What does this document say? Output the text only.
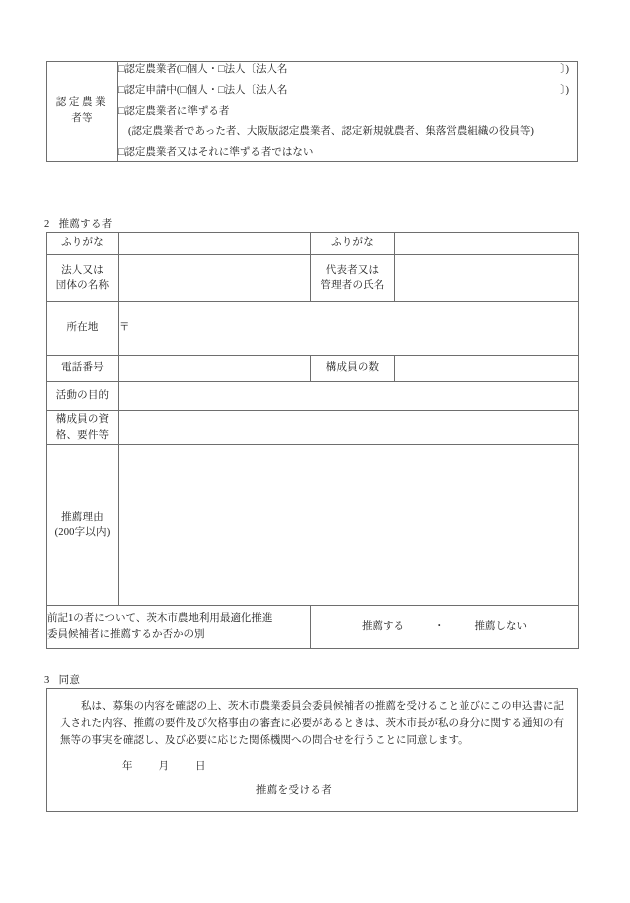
認定農業
者等

□認定農業者(□個人・□法人〔法人名	〕)
□認定申請中(□個人・□法人〔法人名	〕)
□認定農業者に準ずる者
(認定農業者であった者、大阪版認定農業者、認定新規就農者、集落営農組織の役員等)
□認定農業者又はそれに準ずる者ではない
2 推薦する者
ふりがな		ふりがな	
法人又は
団体の名称		代表者又は
管理者の氏名	
所在地	〒		
電話番号		構成員の数	
活動の目的			
構成員の資
格、要件等			
推薦理由
(200字以内)			
前記1の者について、茨木市農地利用最適化推進
委員候補者に推薦するか否かの別		推薦する ・ 推薦しない	
3 同意

私は、募集の内容を確認の上、茨木市農業委員会委員候補者の推薦を受けること並びにこの申込書に記入された内容、推薦の要件及び欠格事由の審査に必要があるときは、茨木市長が私の身分に関する通知の有無等の事実を確認し、及び必要に応じた関係機関への問合せを行うことに同意します。

年 月 日
推薦を受ける者
